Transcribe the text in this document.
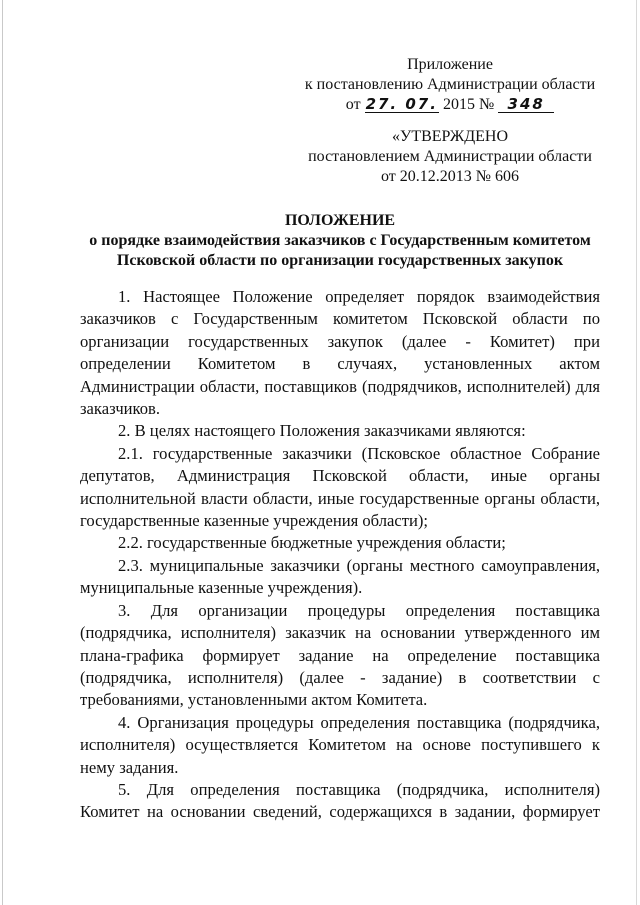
Приложение
к постановлению Администрации области
от 27. 07. 2015 № 348
«УТВЕРЖДЕНО
постановлением Администрации области
от 20.12.2013 № 606
ПОЛОЖЕНИЕ
о порядке взаимодействия заказчиков с Государственным комитетом
Псковской области по организации государственных закупок

1. Настоящее Положение определяет порядок взаимодействия заказчиков с Государственным комитетом Псковской области по организации государственных закупок (далее - Комитет) при определении Комитетом в случаях, установленных актом Администрации области, поставщиков (подрядчиков, исполнителей) для заказчиков.

2. В целях настоящего Положения заказчиками являются:

2.1. государственные заказчики (Псковское областное Собрание депутатов, Администрация Псковской области, иные органы исполнительной власти области, иные государственные органы области, государственные казенные учреждения области);

2.2. государственные бюджетные учреждения области;

2.3. муниципальные заказчики (органы местного самоуправления, муниципальные казенные учреждения).

3. Для организации процедуры определения поставщика (подрядчика, исполнителя) заказчик на основании утвержденного им плана-графика формирует задание на определение поставщика (подрядчика, исполнителя) (далее - задание) в соответствии с требованиями, установленными актом Комитета.

4. Организация процедуры определения поставщика (подрядчика, исполнителя) осуществляется Комитетом на основе поступившего к нему задания.

5. Для определения поставщика (подрядчика, исполнителя) Комитет на основании сведений, содержащихся в задании, формирует
